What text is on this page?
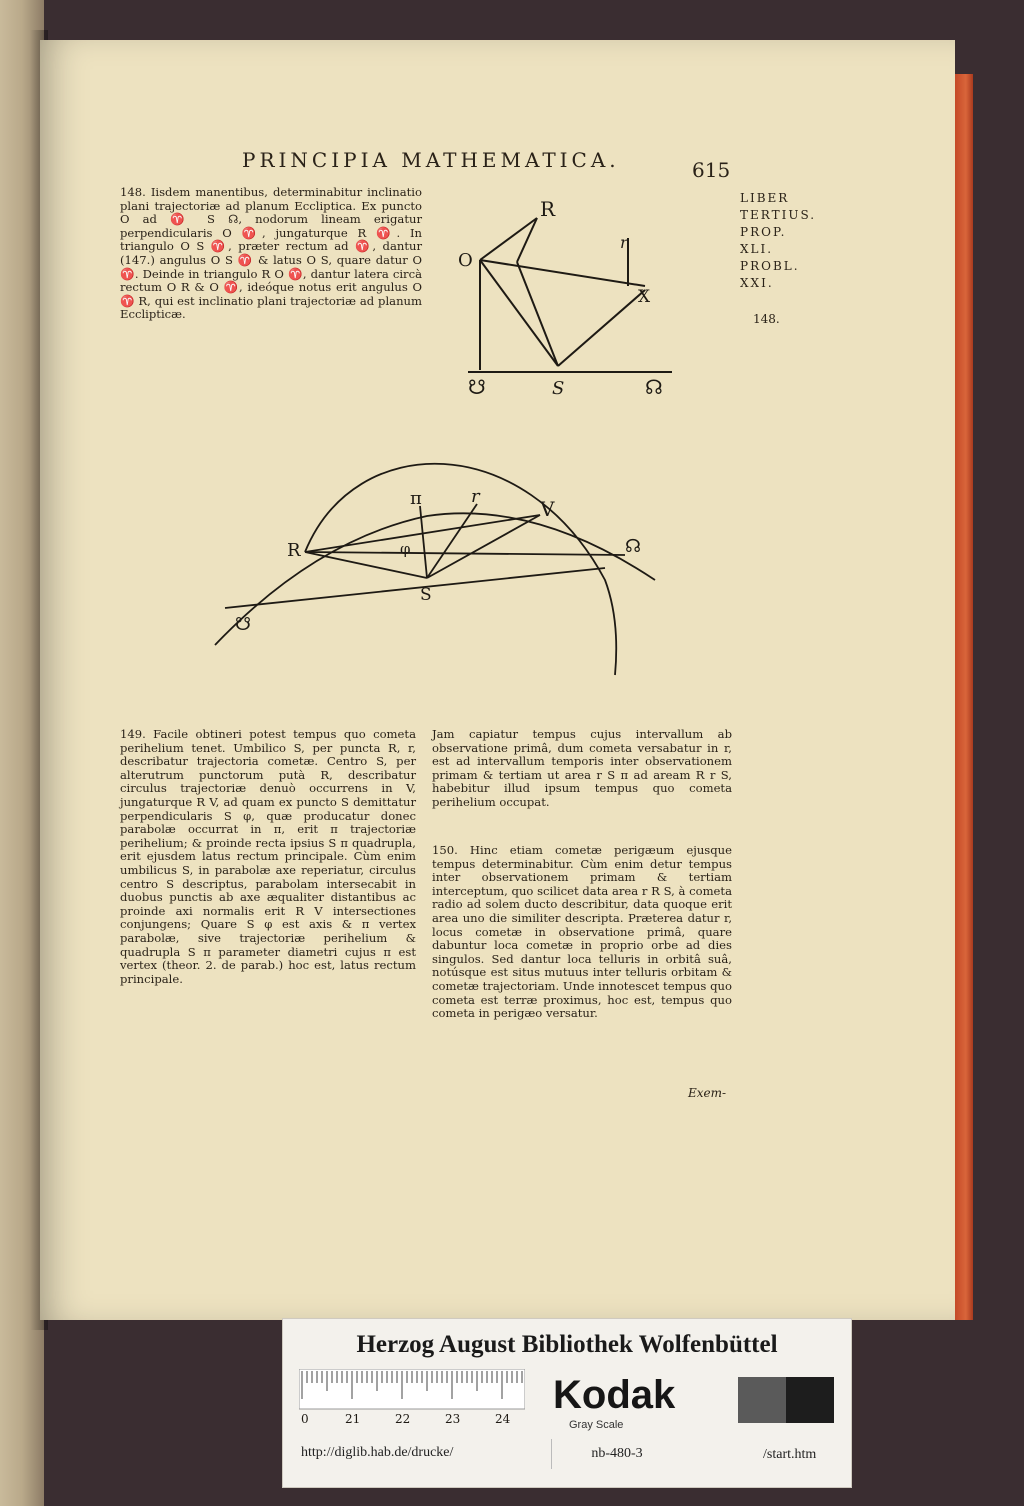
PRINCIPIA MATHEMATICA.	615
LIBER
TERTIUS.
PROP.
XLI.
PROBL.
XXI.
148.

148. Iisdem manentibus, determinabitur inclinatio plani trajectoriæ ad planum Eccliptica. Ex puncto O ad ♈ S ☊, nodorum lineam erigatur perpendicularis O ♈, jungaturque R ♈. In triangulo O S ♈, præter rectum ad ♈, dantur (147.) angulus O S ♈ & latus O S, quare datur O ♈. Deinde in triangulo R O ♈, dantur latera circà rectum O R & O ♈, ideóque notus erit angulus O ♈ R, qui est inclinatio plani trajectoriæ ad planum Ecclipticæ.

R
O
r
X
S
☋	☊
π	r
R
V
φ
S
☊
☋

149. Facile obtineri potest tempus quo cometa perihelium tenet. Umbilico S, per puncta R, r, describatur trajectoria cometæ. Centro S, per alterutrum punctorum putà R, describatur circulus trajectoriæ denuò occurrens in V, jungaturque R V, ad quam ex puncto S demittatur perpendicularis S φ, quæ producatur donec parabolæ occurrat in π, erit π trajectoriæ perihelium; & proinde recta ipsius S π quadrupla, erit ejusdem latus rectum principale. Cùm enim umbilicus S, in parabolæ axe reperiatur, circulus centro S descriptus, parabolam intersecabit in duobus punctis ab axe æqualiter distantibus ac proinde axi normalis erit R V intersectiones conjungens; Quare S φ est axis & π vertex parabolæ, sive trajectoriæ perihelium & quadrupla S π parameter diametri cujus π est vertex (theor. 2. de parab.) hoc est, latus rectum principale.

Jam capiatur tempus cujus intervallum ab observatione primâ, dum cometa versabatur in r, est ad intervallum temporis inter observationem primam & tertiam ut area r S π ad aream R r S, habebitur illud ipsum tempus quo cometa perihelium occupat.

150. Hinc etiam cometæ perigæum ejusque tempus determinabitur. Cùm enim detur tempus inter observationem primam & tertiam interceptum, quo scilicet data area r R S, à cometa radio ad solem ducto describitur, data quoque erit area uno die similiter descripta. Præterea datur r, locus cometæ in observatione primâ, quare dabuntur loca cometæ in proprio orbe ad dies singulos. Sed dantur loca telluris in orbitâ suâ, notúsque est situs mutuus inter telluris orbitam & cometæ trajectoriam. Unde innotescet tempus quo cometa est terræ proximus, hoc est, tempus quo cometa in perigæo versatur.

Exem-
Herzog August Bibliothek Wolfenbüttel
0	21	22	23	24
Kodak
Gray Scale
http://diglib.hab.de/drucke/	nb-480-3	/start.htm
